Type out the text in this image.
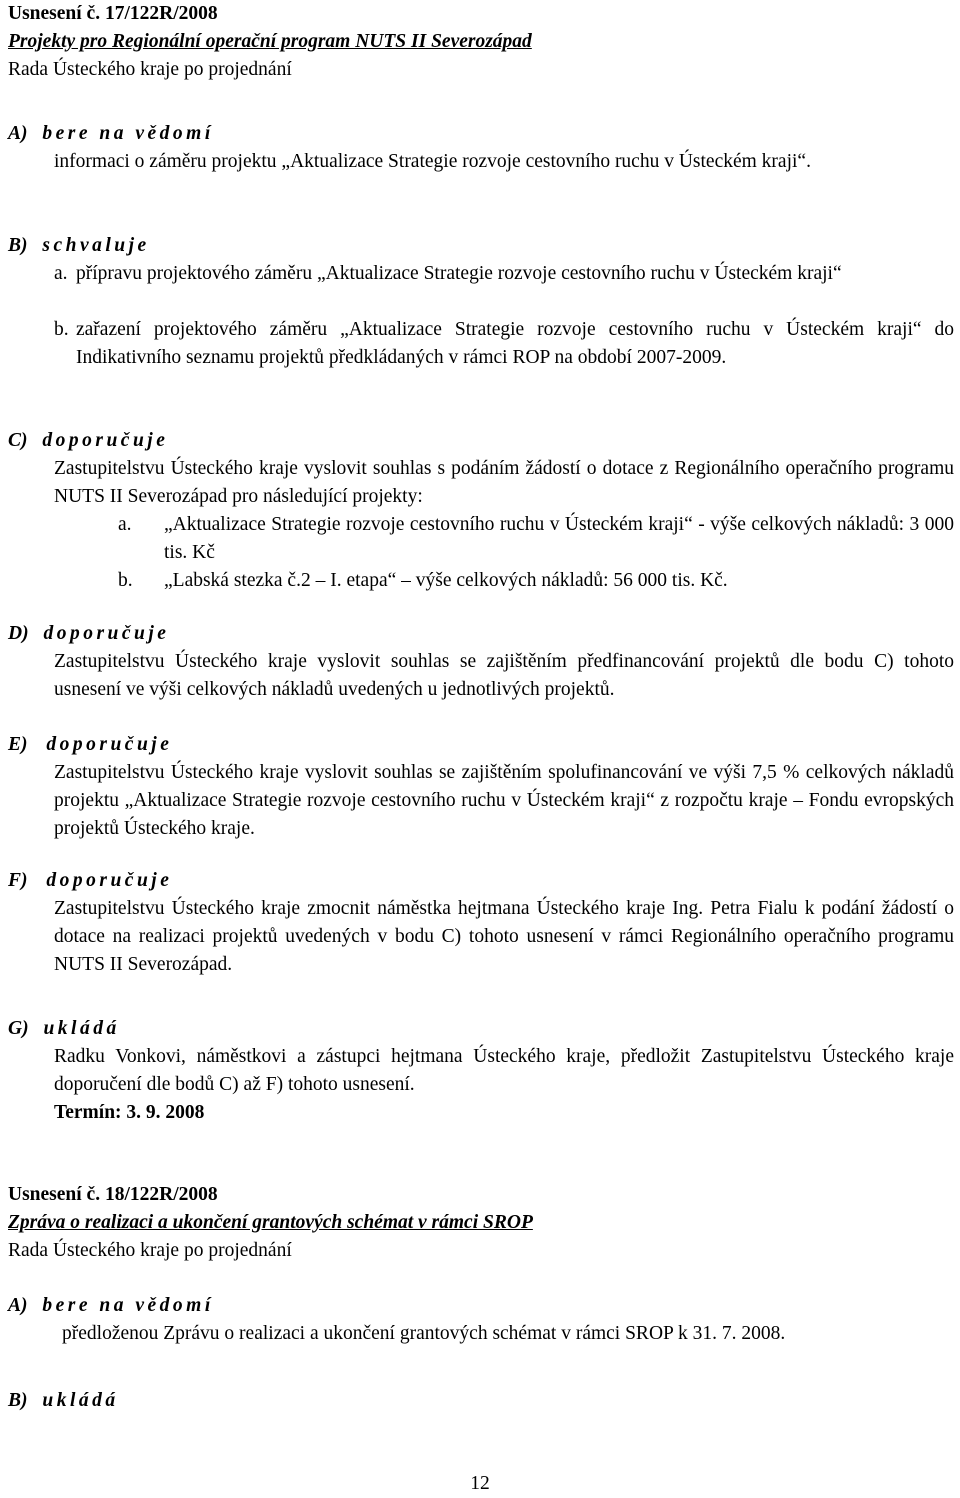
Usnesení č. 17/122R/2008
Projekty pro Regionální operační program NUTS II Severozápad
Rada Ústeckého kraje po projednání
A) bere na vědomí
informaci o záměru projektu „Aktualizace Strategie rozvoje cestovního ruchu v Ústeckém kraji“.
B) schvaluje
a. přípravu projektového záměru „Aktualizace Strategie rozvoje cestovního ruchu v Ústeckém kraji“
b. zařazení projektového záměru „Aktualizace Strategie rozvoje cestovního ruchu v Ústeckém kraji“ do Indikativního seznamu projektů předkládaných v rámci ROP na období 2007-2009.
C) doporučuje
Zastupitelstvu Ústeckého kraje vyslovit souhlas s podáním žádostí o dotace z Regionálního operačního programu NUTS II Severozápad pro následující projekty:
a.	„Aktualizace Strategie rozvoje cestovního ruchu v Ústeckém kraji“ - výše celkových nákladů: 3 000 tis. Kč
b.	„Labská stezka č.2 – I. etapa“ – výše celkových nákladů: 56 000 tis. Kč.
D) doporučuje
Zastupitelstvu Ústeckého kraje vyslovit souhlas se zajištěním předfinancování projektů dle bodu C) tohoto usnesení ve výši celkových nákladů uvedených u jednotlivých projektů.
E) doporučuje
Zastupitelstvu Ústeckého kraje vyslovit souhlas se zajištěním spolufinancování ve výši 7,5 % celkových nákladů projektu „Aktualizace Strategie rozvoje cestovního ruchu v Ústeckém kraji“ z rozpočtu kraje – Fondu evropských projektů Ústeckého kraje.
F) doporučuje
Zastupitelstvu Ústeckého kraje zmocnit náměstka hejtmana Ústeckého kraje Ing. Petra Fialu k podání žádostí o dotace na realizaci projektů uvedených v bodu C) tohoto usnesení v rámci Regionálního operačního programu NUTS II Severozápad.
G) ukládá
Radku Vonkovi, náměstkovi a zástupci hejtmana Ústeckého kraje, předložit Zastupitelstvu Ústeckého kraje doporučení dle bodů C) až F) tohoto usnesení.
Termín: 3. 9. 2008
Usnesení č. 18/122R/2008
Zpráva o realizaci a ukončení grantových schémat v rámci SROP
Rada Ústeckého kraje po projednání
A) bere na vědomí
předloženou Zprávu o realizaci a ukončení grantových schémat v rámci SROP k 31. 7. 2008.
B) ukládá
12
